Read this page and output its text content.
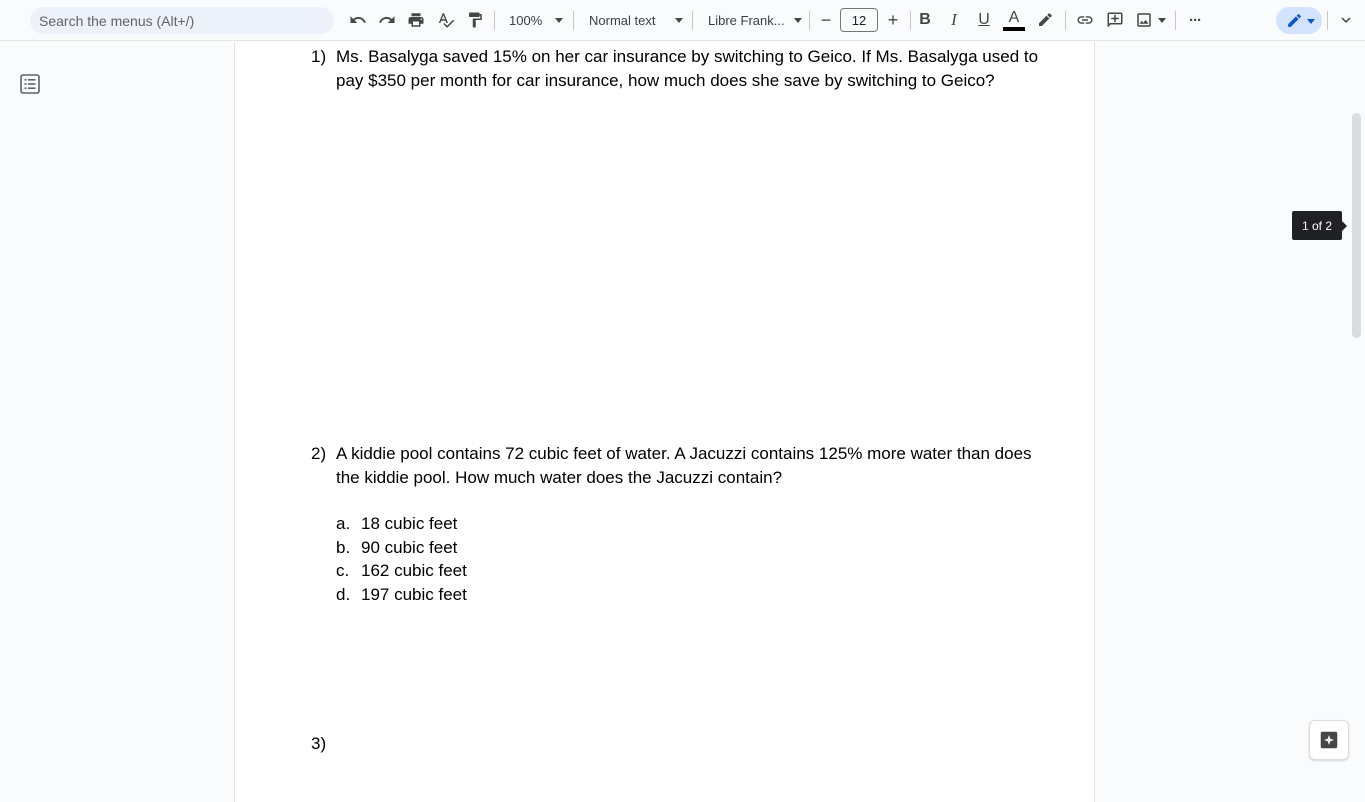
Search the menus (Alt+/)	100%	Normal text	Libre Frank...	−	12	+	B	I	U	A	···
1) Ms. Basalyga saved 15% on her car insurance by switching to Geico. If Ms. Basalyga used to pay $350 per month for car insurance, how much does she save by switching to Geico?
2) A kiddie pool contains 72 cubic feet of water. A Jacuzzi contains 125% more water than does the kiddie pool. How much water does the Jacuzzi contain?
a. 18 cubic feet
b. 90 cubic feet
c. 162 cubic feet
d. 197 cubic feet
3)
1 of 2
